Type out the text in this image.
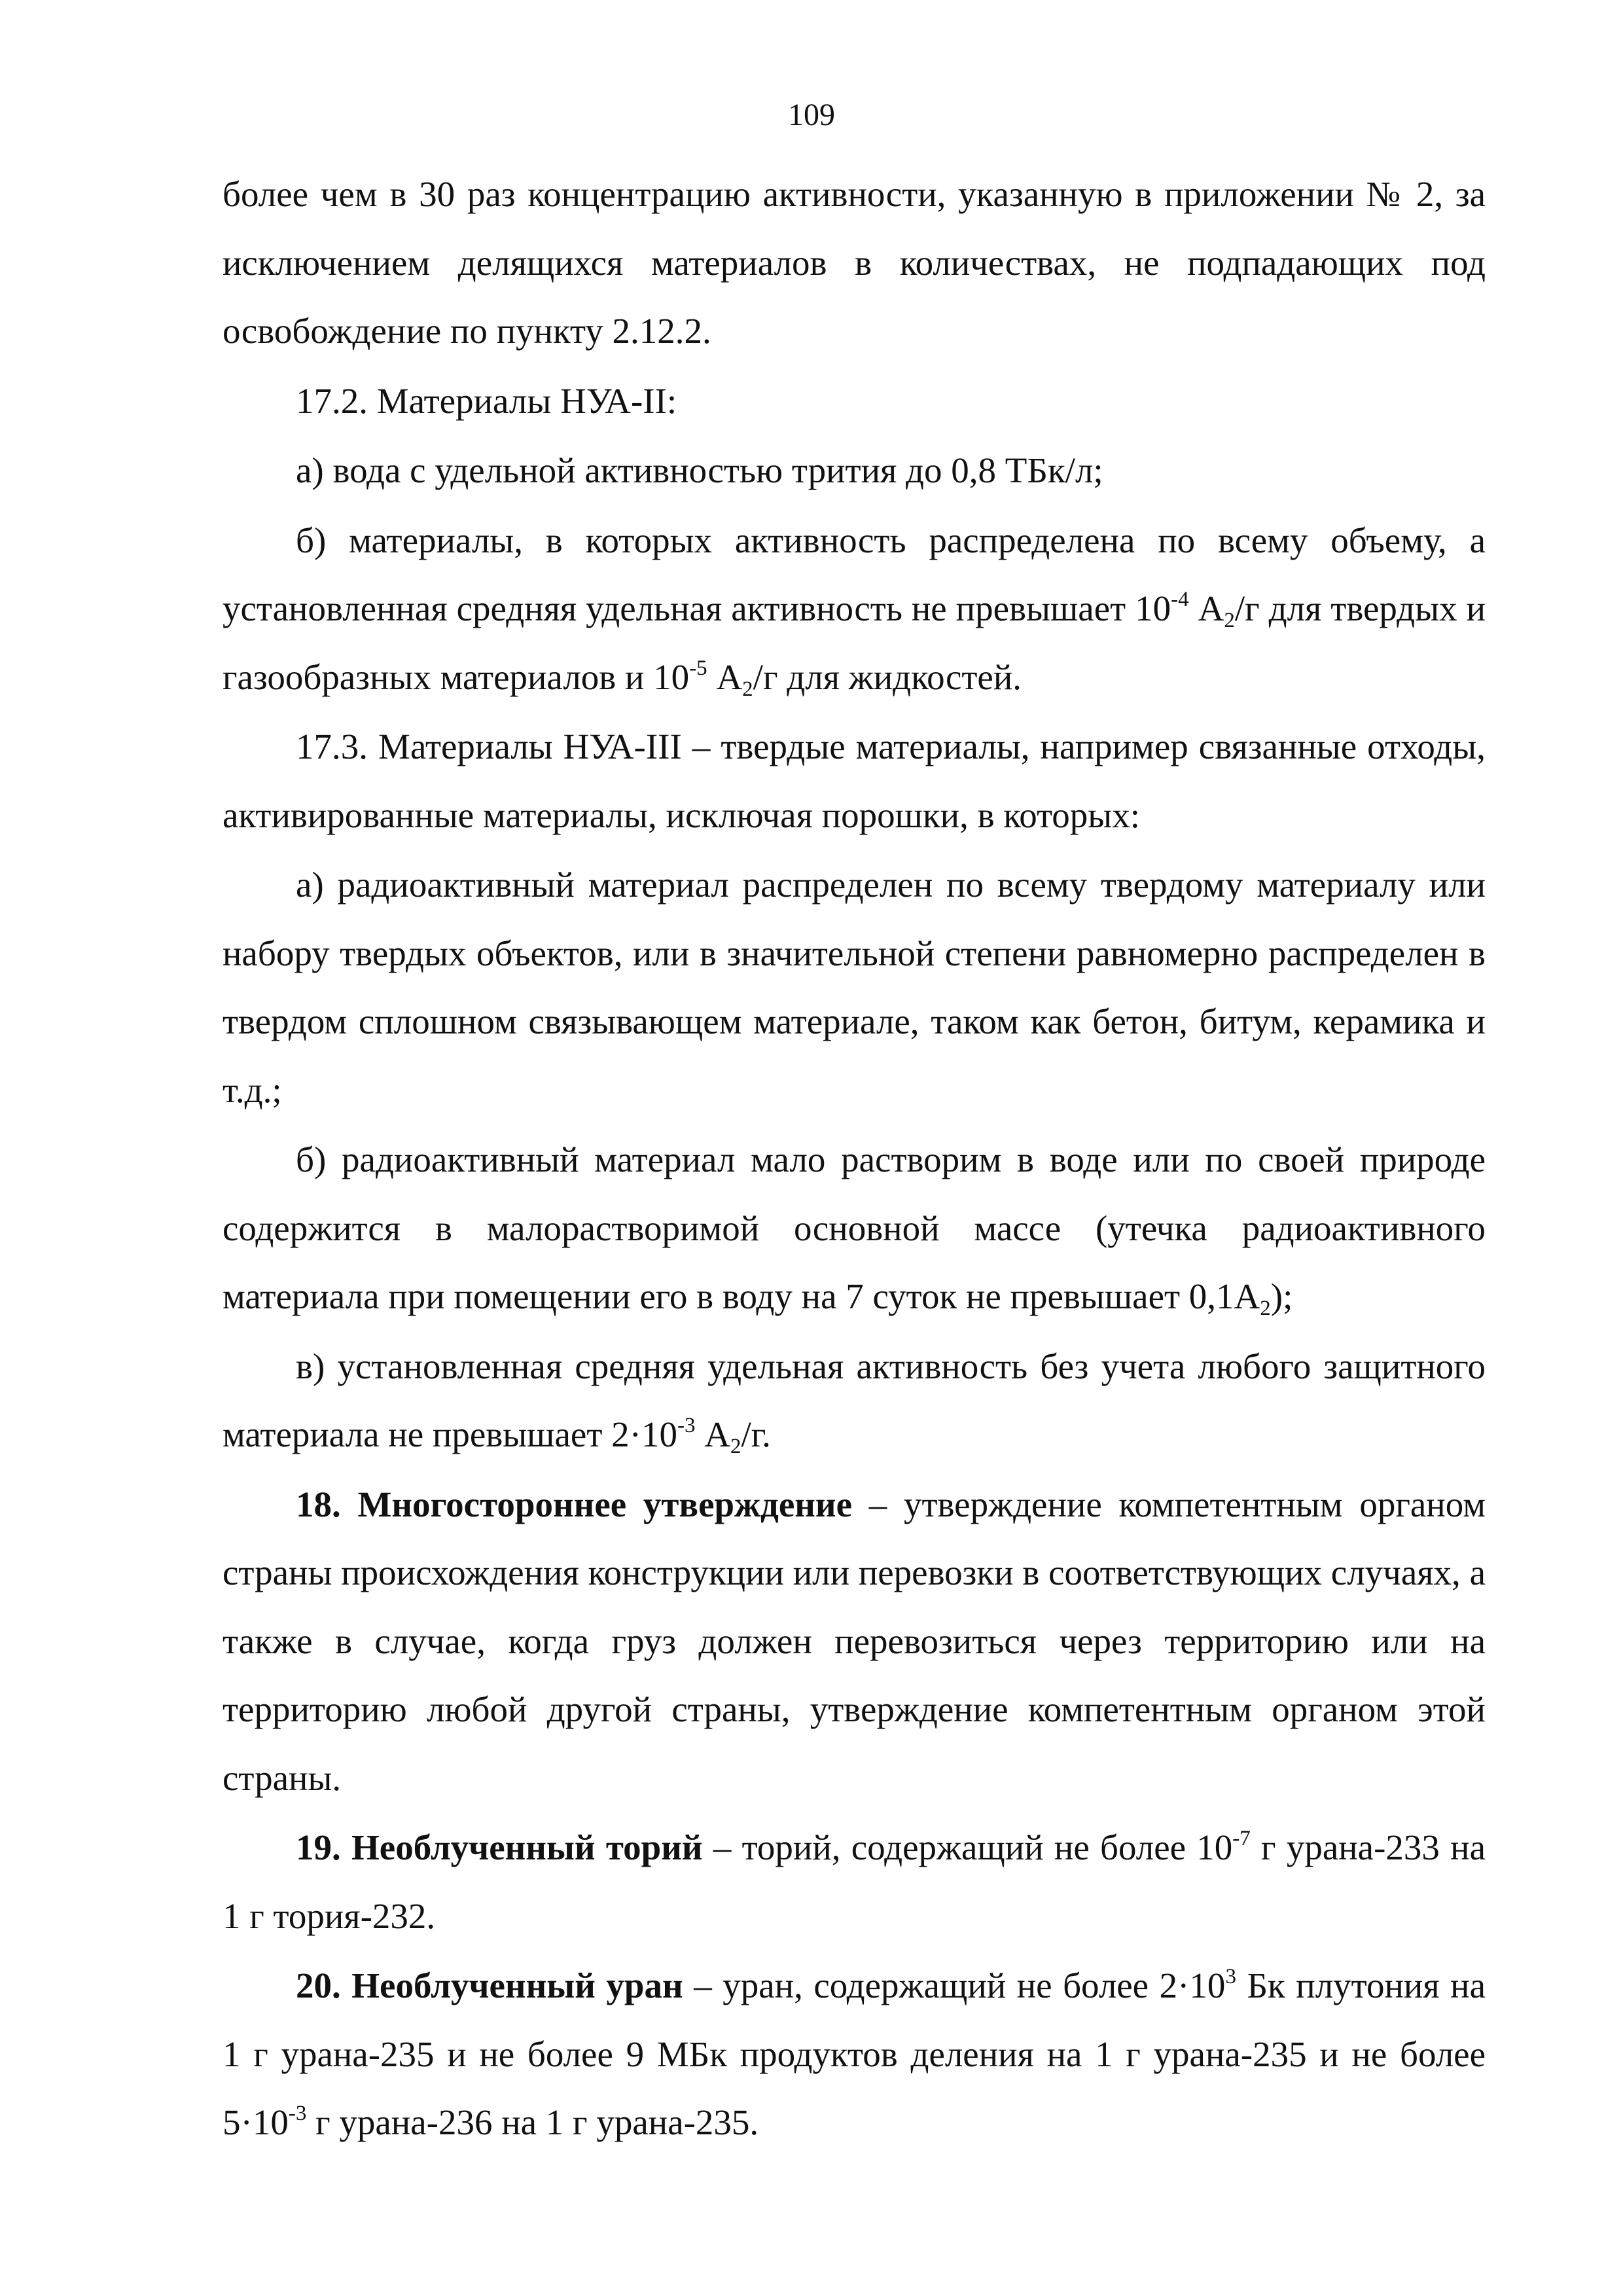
109

более чем в 30 раз концентрацию активности, указанную в приложении № 2, за исключением делящихся материалов в количествах, не подпадающих под освобождение по пункту 2.12.2.

17.2. Материалы НУА-II:

а) вода с удельной активностью трития до 0,8 ТБк/л;

б) материалы, в которых активность распределена по всему объему, а установленная средняя удельная активность не превышает $10^{-4}$ $A_2/г$ для твердых и газообразных материалов и $10^{-5}$ $A_2/г$ для жидкостей.

17.3. Материалы НУА-III – твердые материалы, например связанные отходы, активированные материалы, исключая порошки, в которых:

а) радиоактивный материал распределен по всему твердому материалу или набору твердых объектов, или в значительной степени равномерно распределен в твердом сплошном связывающем материале, таком как бетон, битум, керамика и т.д.;

б) радиоактивный материал мало растворим в воде или по своей природе содержится в малорастворимой основной массе (утечка радиоактивного материала при помещении его в воду на 7 суток не превышает $0,1A_2$);

в) установленная средняя удельная активность без учета любого защитного материала не превышает $2\cdot 10^{-3}$ $A_2/г$.

18. Многостороннее утверждение – утверждение компетентным органом страны происхождения конструкции или перевозки в соответствующих случаях, а также в случае, когда груз должен перевозиться через территорию или на территорию любой другой страны, утверждение компетентным органом этой страны.

19. Необлученный торий – торий, содержащий не более $10^{-7}$ г урана-233 на 1 г тория-232.

20. Необлученный уран – уран, содержащий не более $2\cdot 10^3$ Бк плутония на 1 г урана-235 и не более 9 МБк продуктов деления на 1 г урана-235 и не более $5\cdot 10^{-3}$ г урана-236 на 1 г урана-235.
